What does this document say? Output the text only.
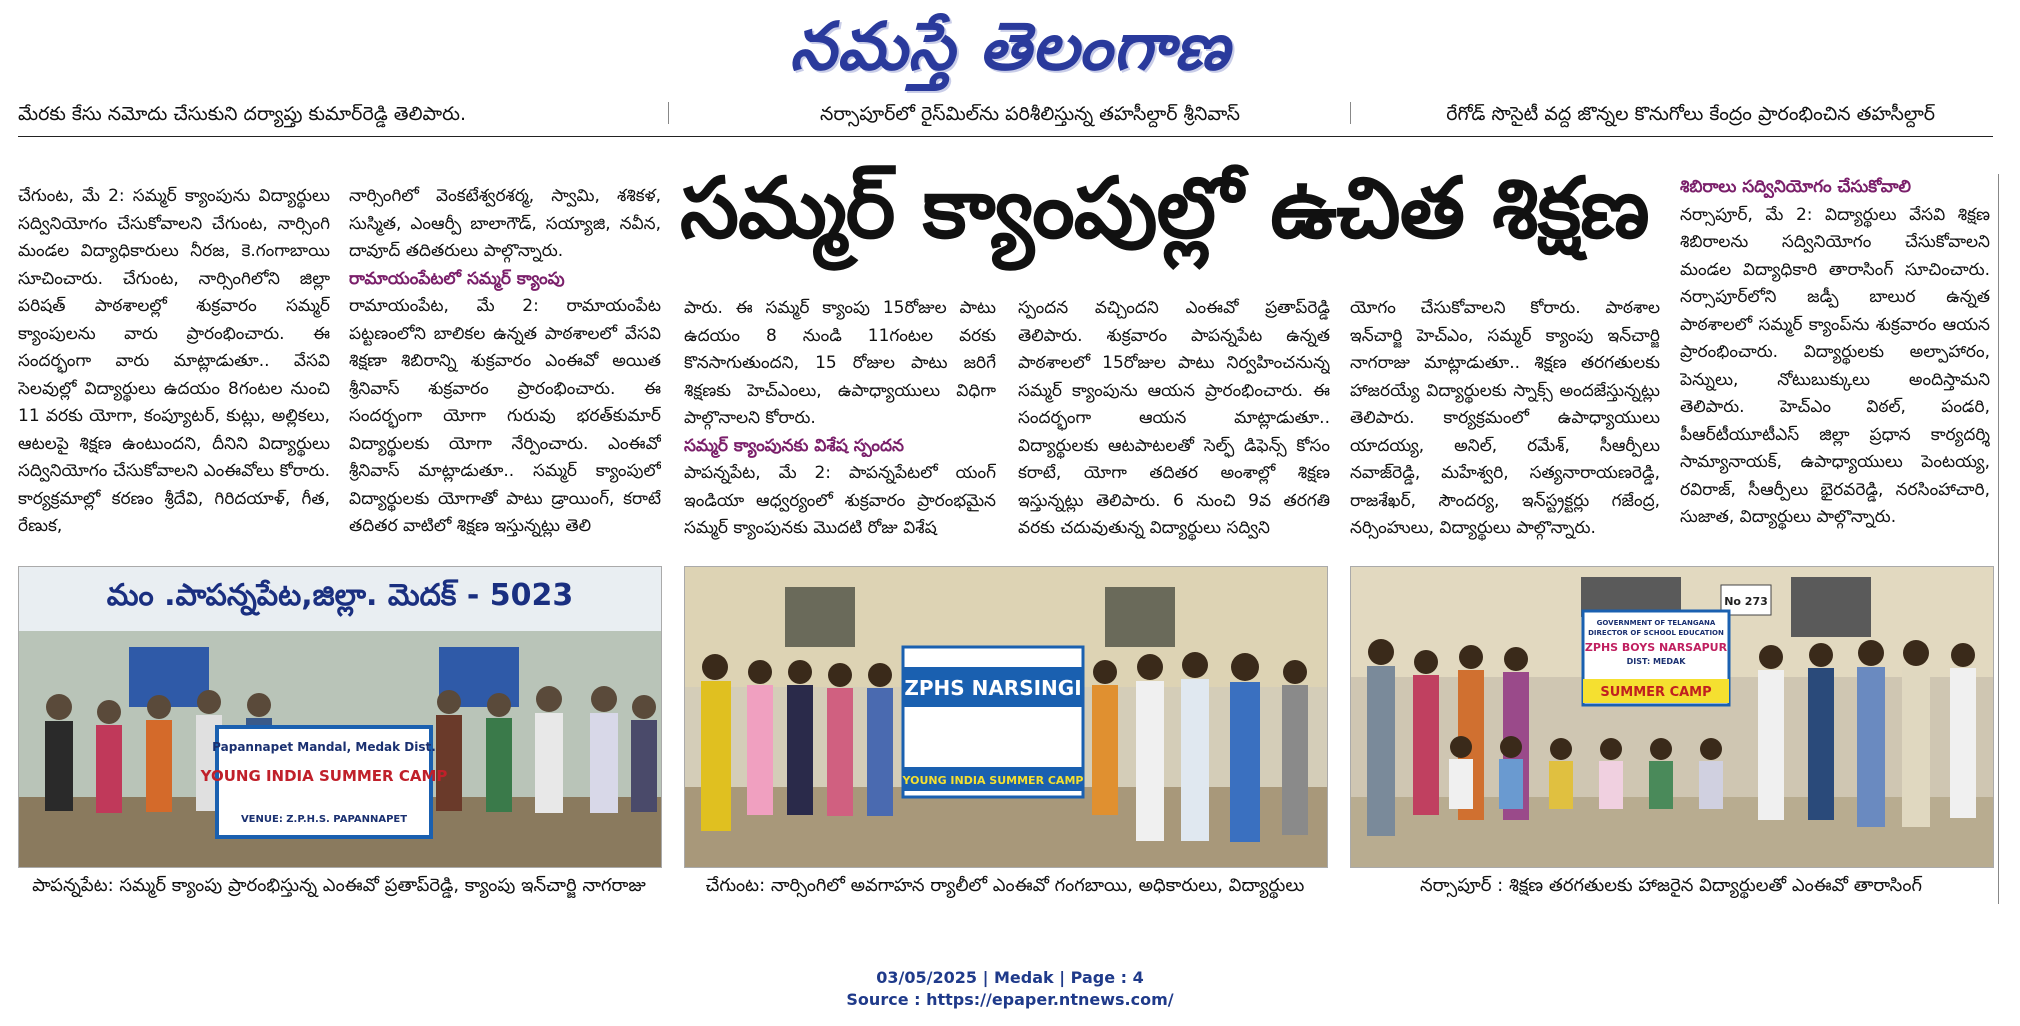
నమస్తే తెలంగాణ
మేరకు కేసు నమోదు చేసుకుని దర్యాప్తు కుమార్‌రెడ్డి తెలిపారు.	నర్సాపూర్‌లో రైస్‌మిల్‌ను పరిశీలిస్తున్న తహసీల్దార్ శ్రీనివాస్	రేగోడ్ సొసైటీ వద్ద జొన్నల కొనుగోలు కేంద్రం ప్రారంభించిన తహసీల్దార్
సమ్మర్ క్యాంపుల్లో ఉచిత శిక్షణ

చేగుంట, మే 2: సమ్మర్ క్యాంపును విద్యార్థులు సద్వినియోగం చేసుకోవాలని చేగుంట, నార్సింగి మండల విద్యాధికారులు నీరజ, కె.గంగాబాయి సూచించారు. చేగుంట, నార్సింగిలోని జిల్లా పరిషత్ పాఠశాలల్లో శుక్రవారం సమ్మర్ క్యాంపులను వారు ప్రారంభించారు. ఈ సందర్భంగా వారు మాట్లాడుతూ.. వేసవి సెలవుల్లో విద్యార్థులు ఉదయం 8గంటల నుంచి 11 వరకు యోగా, కంప్యూటర్, కుట్లు, అల్లికలు, ఆటలపై శిక్షణ ఉంటుందని, దీనిని విద్యార్థులు సద్వినియోగం చేసుకోవాలని ఎంఈవోలు కోరారు. కార్యక్రమాల్లో కరణం శ్రీదేవి, గిరిదయాళ్, గీత, రేణుక,

నార్సింగిలో వెంకటేశ్వరశర్మ, స్వామి, శశికళ, సుస్మిత, ఎంఆర్పీ బాలాగౌడ్, సయ్యాజి, నవీన, దావూద్ తదితరులు పాల్గొన్నారు.

రామాయంపేటలో సమ్మర్ క్యాంపు

రామాయంపేట, మే 2: రామాయంపేట పట్టణంలోని బాలికల ఉన్నత పాఠశాలలో వేసవి శిక్షణా శిబిరాన్ని శుక్రవారం ఎంఈవో అయిత శ్రీనివాస్ శుక్రవారం ప్రారంభించారు. ఈ సందర్భంగా యోగా గురువు భరత్‌కుమార్ విద్యార్థులకు యోగా నేర్పించారు. ఎంఈవో శ్రీనివాస్ మాట్లాడుతూ.. సమ్మర్ క్యాంపులో విద్యార్థులకు యోగాతో పాటు డ్రాయింగ్, కరాటే తదితర వాటిలో శిక్షణ ఇస్తున్నట్లు తెలి

పారు. ఈ సమ్మర్ క్యాంపు 15రోజుల పాటు ఉదయం 8 నుండి 11గంటల వరకు కొనసాగుతుందని, 15 రోజుల పాటు జరిగే శిక్షణకు హెచ్ఎంలు, ఉపాధ్యాయులు విధిగా పాల్గొనాలని కోరారు.

సమ్మర్ క్యాంపునకు విశేష స్పందన

పాపన్నపేట, మే 2: పాపన్నపేటలో యంగ్ ఇండియా ఆధ్వర్యంలో శుక్రవారం ప్రారంభమైన సమ్మర్ క్యాంపునకు మొదటి రోజు విశేష

స్పందన వచ్చిందని ఎంఈవో ప్రతాప్‌రెడ్డి తెలిపారు. శుక్రవారం పాపన్నపేట ఉన్నత పాఠశాలలో 15రోజుల పాటు నిర్వహించనున్న సమ్మర్ క్యాంపును ఆయన ప్రారంభించారు. ఈ సందర్భంగా ఆయన మాట్లాడుతూ.. విద్యార్థులకు ఆటపాటలతో సెల్ఫ్ డిఫెన్స్ కోసం కరాటే, యోగా తదితర అంశాల్లో శిక్షణ ఇస్తున్నట్లు తెలిపారు. 6 నుంచి 9వ తరగతి వరకు చదువుతున్న విద్యార్థులు సద్విని

యోగం చేసుకోవాలని కోరారు. పాఠశాల ఇన్‌చార్జి హెచ్ఎం, సమ్మర్ క్యాంపు ఇన్‌చార్జి నాగరాజు మాట్లాడుతూ.. శిక్షణ తరగతులకు హాజరయ్యే విద్యార్థులకు స్నాక్స్ అందజేస్తున్నట్లు తెలిపారు. కార్యక్రమంలో ఉపాధ్యాయులు యాదయ్య, అనిల్, రమేశ్, సీఆర్పీలు నవాజ్‌రెడ్డి, మహేశ్వరి, సత్యనారాయణరెడ్డి, రాజశేఖర్, సౌందర్య, ఇన్‌స్ట్రక్టర్లు గజేంద్ర, నర్సింహులు, విద్యార్థులు పాల్గొన్నారు.

శిబిరాలు సద్వినియోగం చేసుకోవాలి

నర్సాపూర్, మే 2: విద్యార్థులు వేసవి శిక్షణ శిబిరాలను సద్వినియోగం చేసుకోవాలని మండల విద్యాధికారి తారాసింగ్ సూచించారు. నర్సాపూర్‌లోని జడ్పీ బాలుర ఉన్నత పాఠశాలలో సమ్మర్ క్యాంప్‌ను శుక్రవారం ఆయన ప్రారంభించారు. విద్యార్థులకు అల్పాహారం, పెన్నులు, నోటుబుక్కులు అందిస్తామని తెలిపారు. హెచ్ఎం విఠల్, పండరి, పీఆర్‌టీయూటీఎస్ జిల్లా ప్రధాన కార్యదర్శి సామ్యానాయక్, ఉపాధ్యాయులు పెంటయ్య, రవిరాజ్, సీఆర్పీలు భైరవరెడ్డి, నరసింహాచారి, సుజాత, విద్యార్థులు పాల్గొన్నారు.

మం .పాపన్నపేట,జిల్లా. మెదక్ - 5023
Papannapet Mandal, Medak Dist.
YOUNG INDIA SUMMER CAMP
VENUE: Z.P.H.S. PAPANNAPET
ZPHS NARSINGI
YOUNG INDIA SUMMER CAMP
No 273
GOVERNMENT OF TELANGANA
DIRECTOR OF SCHOOL EDUCATION
ZPHS BOYS NARSAPUR
DIST: MEDAK
SUMMER CAMP
పాపన్నపేట: సమ్మర్ క్యాంపు ప్రారంభిస్తున్న ఎంఈవో ప్రతాప్‌రెడ్డి, క్యాంపు ఇన్‌చార్జి నాగరాజు	చేగుంట: నార్సింగిలో అవగాహన ర్యాలీలో ఎంఈవో గంగబాయి, అధికారులు, విద్యార్థులు	నర్సాపూర్ : శిక్షణ తరగతులకు హాజరైన విద్యార్థులతో ఎంఈవో తారాసింగ్
03/05/2025 | Medak | Page : 4
Source : https://epaper.ntnews.com/
